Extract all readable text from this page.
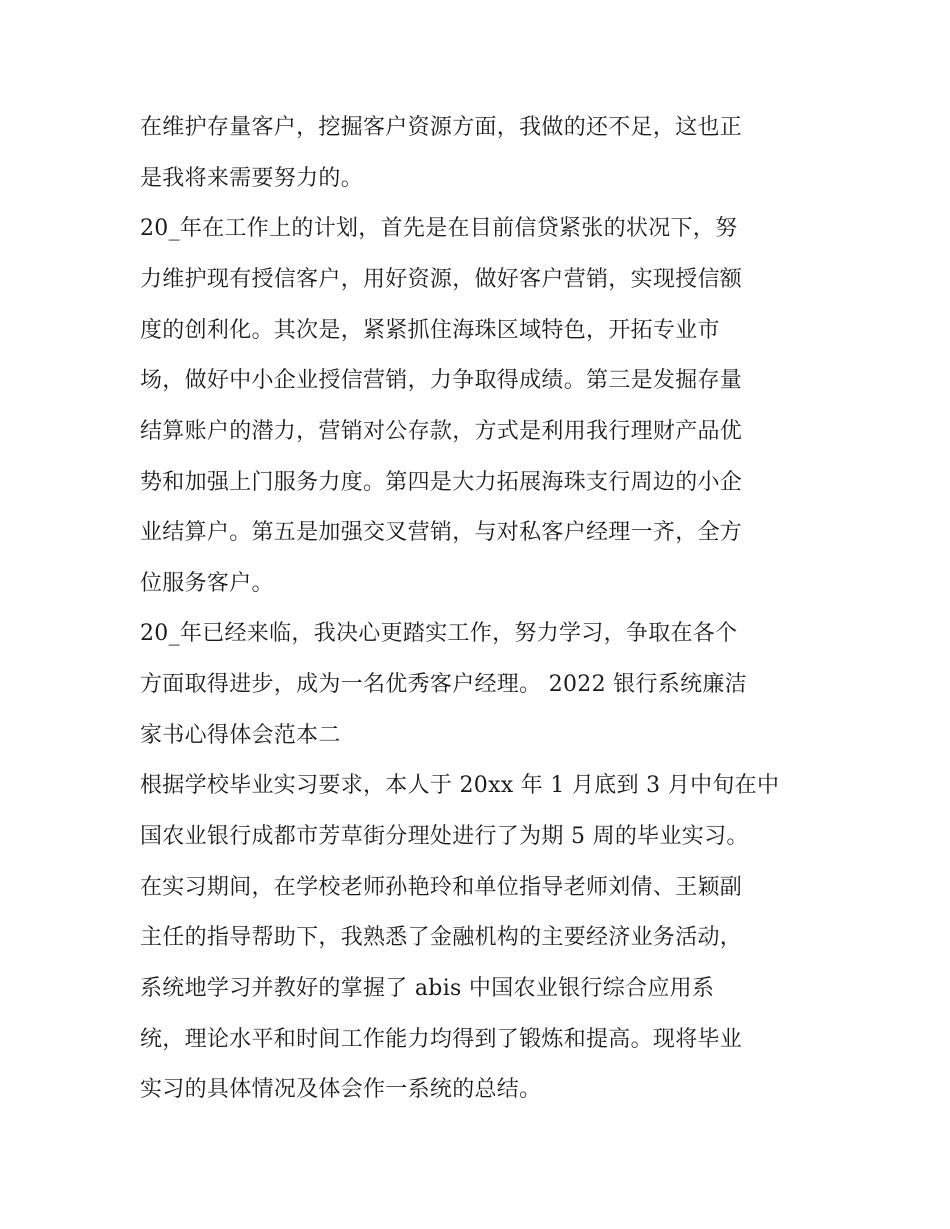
在维护存量客户，挖掘客户资源方面，我做的还不足，这也正
是我将来需要努力的。
20_年在工作上的计划，首先是在目前信贷紧张的状况下，努
力维护现有授信客户，用好资源，做好客户营销，实现授信额
度的创利化。其次是，紧紧抓住海珠区域特色，开拓专业市
场，做好中小企业授信营销，力争取得成绩。第三是发掘存量
结算账户的潜力，营销对公存款，方式是利用我行理财产品优
势和加强上门服务力度。第四是大力拓展海珠支行周边的小企
业结算户。第五是加强交叉营销，与对私客户经理一齐，全方
位服务客户。
20_年已经来临，我决心更踏实工作，努力学习，争取在各个
方面取得进步，成为一名优秀客户经理。 2022 银行系统廉洁
家书心得体会范本二
根据学校毕业实习要求，本人于 20xx 年 1 月底到 3 月中旬在中
国农业银行成都市芳草街分理处进行了为期 5 周的毕业实习。
在实习期间，在学校老师孙艳玲和单位指导老师刘倩、王颖副
主任的指导帮助下，我熟悉了金融机构的主要经济业务活动，
系统地学习并教好的掌握了 abis 中国农业银行综合应用系
统，理论水平和时间工作能力均得到了锻炼和提高。现将毕业
实习的具体情况及体会作一系统的总结。
